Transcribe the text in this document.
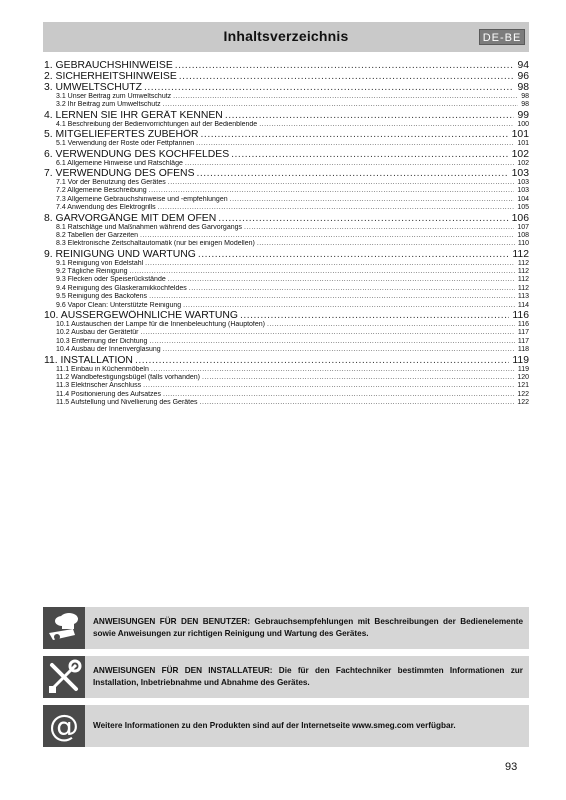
Inhaltsverzeichnis	DE-BE
1. GEBRAUCHSHINWEISE .....	94
2. SICHERHEITSHINWEISE .....	96
3. UMWELTSCHUTZ .....	98
3.1 Unser Beitrag zum Umweltschutz .....	98
3.2 Ihr Beitrag zum Umweltschutz .....	98
4. LERNEN SIE IHR GERÄT KENNEN .....	99
4.1 Beschreibung der Bedienvorrichtungen auf der Bedienblende .....	100
5. MITGELIEFERTES ZUBEHÖR .....	101
5.1 Verwendung der Roste oder Fettpfannen .....	101
6. VERWENDUNG DES KOCHFELDES .....	102
6.1 Allgemeine Hinweise und Ratschläge .....	102
7. VERWENDUNG DES OFENS .....	103
7.1 Vor der Benutzung des Gerätes .....	103
7.2 Allgemeine Beschreibung .....	103
7.3 Allgemeine Gebrauchshinweise und -empfehlungen .....	104
7.4 Anwendung des Elektrogrills .....	105
8. GARVORGÄNGE MIT DEM OFEN .....	106
8.1 Ratschläge und Maßnahmen während des Garvorgangs .....	107
8.2 Tabellen der Garzeiten .....	108
8.3 Elektronische Zeitschaltautomatik (nur bei einigen Modellen) .....	110
9. REINIGUNG UND WARTUNG .....	112
9.1 Reinigung von Edelstahl .....	112
9.2 Tägliche Reinigung .....	112
9.3 Flecken oder Speiserückstände .....	112
9.4 Reinigung des Glaskeramikkochfeldes .....	112
9.5 Reinigung des Backofens .....	113
9.6 Vapor Clean: Unterstützte Reinigung .....	114
10. AUSSERGEWÖHNLICHE WARTUNG .....	116
10.1 Austauschen der Lampe für die Innenbeleuchtung (Hauptofen) .....	116
10.2 Ausbau der Gerätetür .....	117
10.3 Entfernung der Dichtung .....	117
10.4 Ausbau der Innenverglasung .....	118
11. INSTALLATION .....	119
11.1 Einbau in Küchenmöbeln .....	119
11.2 Wandbefestigungsbügel (falls vorhanden) .....	120
11.3 Elektrischer Anschluss .....	121
11.4 Positionierung des Aufsatzes .....	122
11.5 Aufstellung und Nivellierung des Gerätes .....	122
ANWEISUNGEN FÜR DEN BENUTZER: Gebrauchsempfehlungen mit Beschreibungen der Bedienelemente sowie Anweisungen zur richtigen Reinigung und Wartung des Gerätes.
ANWEISUNGEN FÜR DEN INSTALLATEUR: Die für den Fachtechniker bestimmten Informationen zur Installation, Inbetriebnahme und Abnahme des Gerätes.
@	Weitere Informationen zu den Produkten sind auf der Internetseite www.smeg.com verfügbar.
93
